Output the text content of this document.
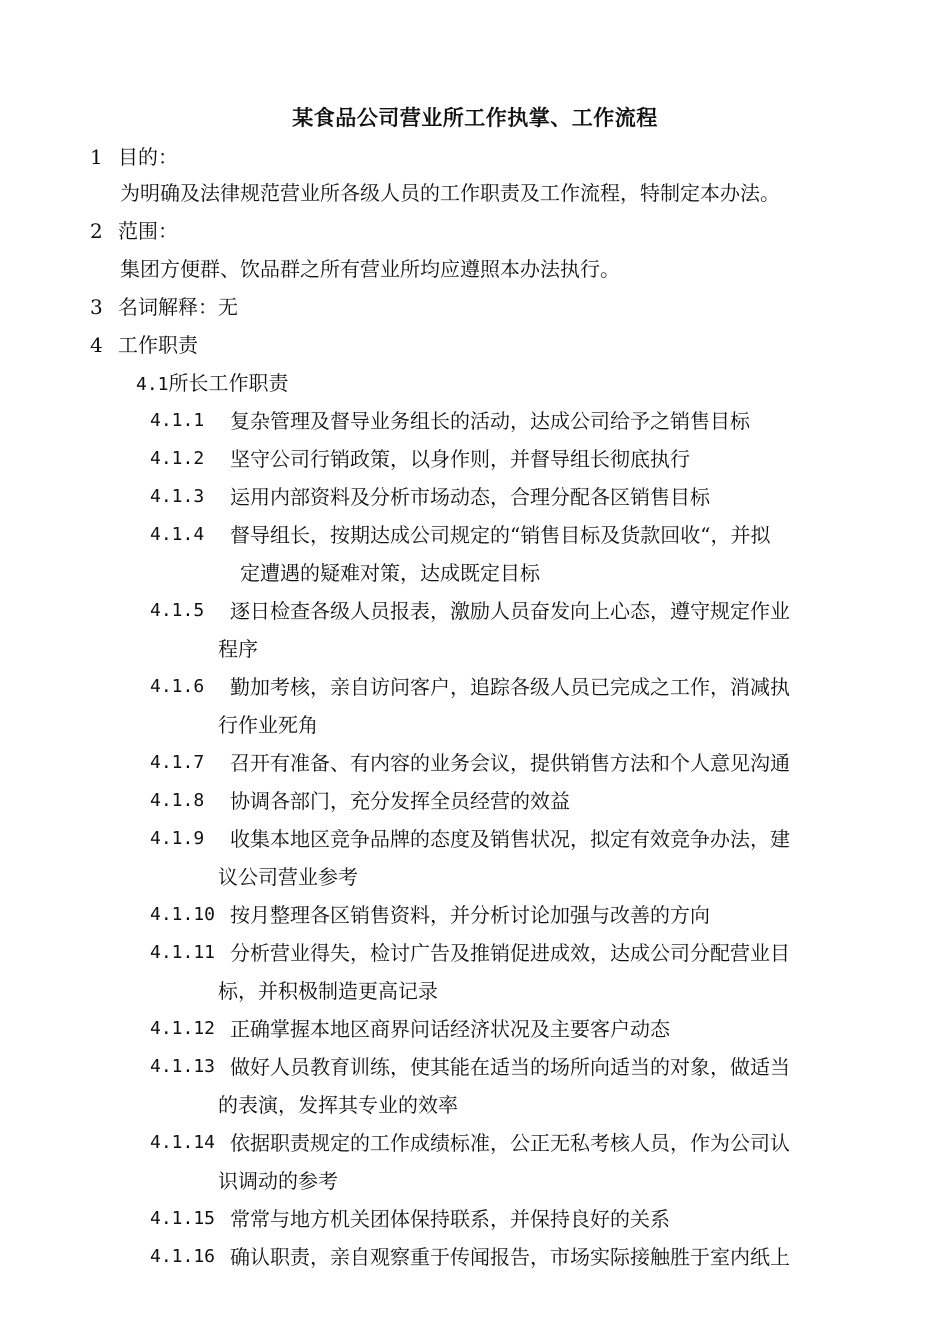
某食品公司营业所工作执掌、工作流程
1 目的：
为明确及法律规范营业所各级人员的工作职责及工作流程，特制定本办法。
2 范围：
集团方便群、饮品群之所有营业所均应遵照本办法执行。
3 名词解释：无
4 工作职责
4.1所长工作职责
4.1.1 复杂管理及督导业务组长的活动，达成公司给予之销售目标
4.1.2 坚守公司行销政策，以身作则，并督导组长彻底执行
4.1.3 运用内部资料及分析市场动态，合理分配各区销售目标
4.1.4 督导组长，按期达成公司规定的“销售目标及货款回收“，并拟
定遭遇的疑难对策，达成既定目标
4.1.5 逐日检查各级人员报表，激励人员奋发向上心态，遵守规定作业
程序
4.1.6 勤加考核，亲自访问客户，追踪各级人员已完成之工作，消减执
行作业死角
4.1.7 召开有准备、有内容的业务会议，提供销售方法和个人意见沟通
4.1.8 协调各部门，充分发挥全员经营的效益
4.1.9 收集本地区竞争品牌的态度及销售状况，拟定有效竞争办法，建
议公司营业参考
4.1.10 按月整理各区销售资料，并分析讨论加强与改善的方向
4.1.11 分析营业得失，检讨广告及推销促进成效，达成公司分配营业目
标，并积极制造更高记录
4.1.12 正确掌握本地区商界问话经济状况及主要客户动态
4.1.13 做好人员教育训练，使其能在适当的场所向适当的对象，做适当
的表演，发挥其专业的效率
4.1.14 依据职责规定的工作成绩标准，公正无私考核人员，作为公司认
识调动的参考
4.1.15 常常与地方机关团体保持联系，并保持良好的关系
4.1.16 确认职责，亲自观察重于传闻报告，市场实际接触胜于室内纸上
